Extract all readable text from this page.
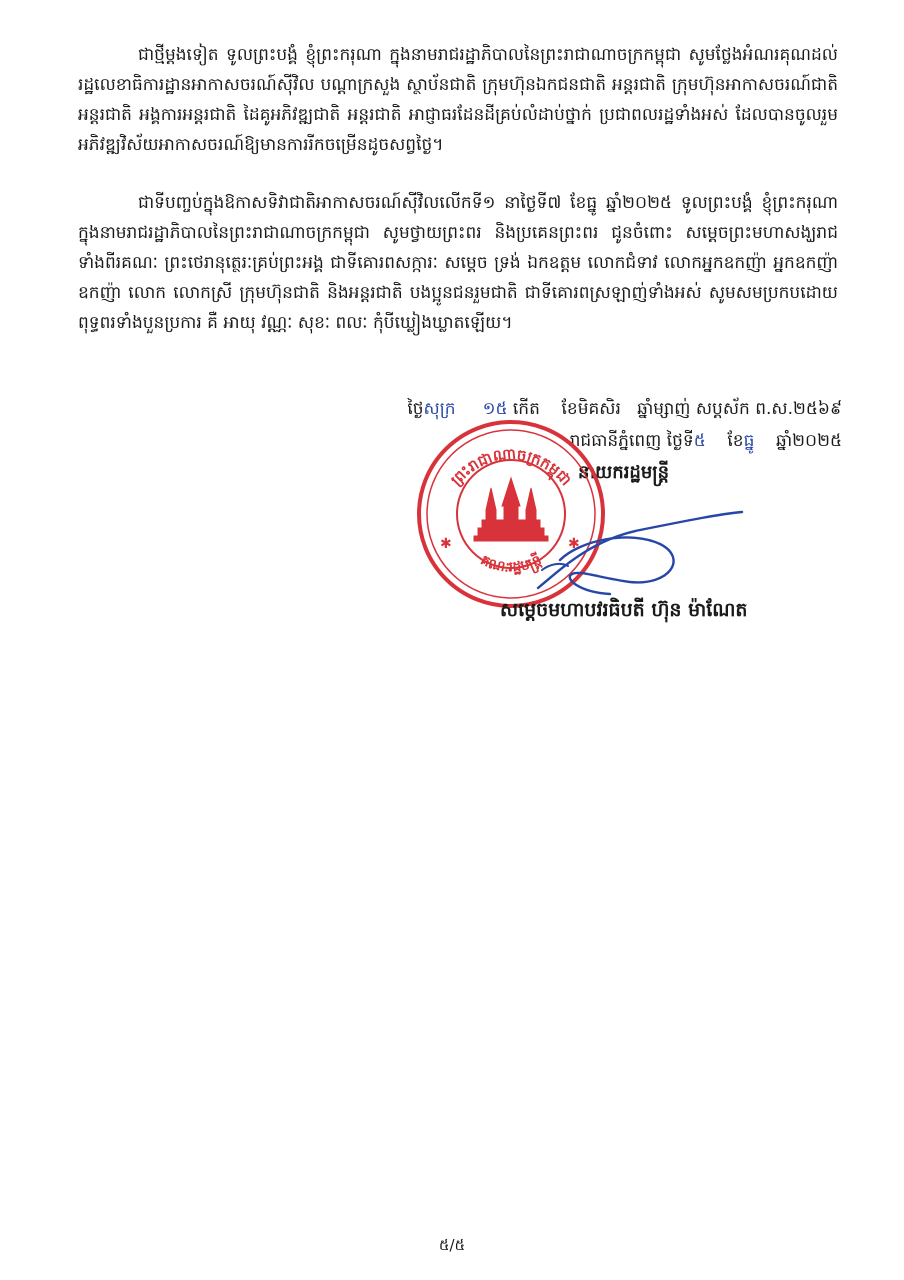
ជាថ្មីម្ដងទៀត ទូលព្រះបង្គំ ខ្ញុំព្រះករុណា ក្នុងនាមរាជរដ្ឋាភិបាលនៃព្រះរាជាណាចក្រកម្ពុជា សូមថ្លែងអំណរគុណដល់រដ្ឋលេខាធិការដ្ឋានអាកាសចរណ៍ស៊ីវិល បណ្ដាក្រសួង ស្ថាប័នជាតិ ក្រុមហ៊ុនឯកជនជាតិ អន្តរជាតិ ក្រុមហ៊ុនអាកាសចរណ៍ជាតិ អន្តរជាតិ អង្គការអន្តរជាតិ ដៃគូអភិវឌ្ឍជាតិ អន្តរជាតិ អាជ្ញាធរដែនដីគ្រប់លំដាប់ថ្នាក់ ប្រជាពលរដ្ឋទាំងអស់ ដែលបានចូលរួមអភិវឌ្ឍវិស័យអាកាសចរណ៍ឱ្យមានការរីកចម្រើនដូចសព្វថ្ងៃ។

ជាទីបញ្ចប់ក្នុងឱកាសទិវាជាតិអាកាសចរណ៍ស៊ីវិលលើកទី១ នាថ្ងៃទី៧ ខែធ្នូ ឆ្នាំ២០២៥ ទូលព្រះបង្គំ ខ្ញុំព្រះករុណា ក្នុងនាមរាជរដ្ឋាភិបាលនៃព្រះរាជាណាចក្រកម្ពុជា សូមថ្វាយព្រះពរ និងប្រគេនព្រះពរ ជូនចំពោះ សម្ដេចព្រះមហាសង្ឃរាជ ទាំងពីរគណៈ ព្រះថេរានុត្ថេរៈគ្រប់ព្រះអង្គ ជាទីគោរពសក្ការៈ សម្ដេច ទ្រង់ ឯកឧត្តម លោកជំទាវ លោកអ្នកឧកញ៉ា អ្នកឧកញ៉ា ឧកញ៉ា លោក លោកស្រី ក្រុមហ៊ុនជាតិ និងអន្តរជាតិ បងប្អូនជនរួមជាតិ ជាទីគោរពស្រឡាញ់ទាំងអស់ សូមសមប្រកបដោយពុទ្ធពរទាំងបួនប្រការ គឺ អាយុ វណ្ណៈ សុខៈ ពលៈ កុំបីឃ្លៀងឃ្លាតឡើយ។

ថ្ងៃសុក្រ ១៥ កើត ខែមិគសិរ ឆ្នាំម្សាញ់ សប្តស័ក ព.ស.២៥៦៩
រាជធានីភ្នំពេញ ថ្ងៃទី៥ ខែធ្នូ ឆ្នាំ២០២៥
នាយករដ្ឋមន្ត្រី
ព្រះរាជាណាចក្រកម្ពុជា
គណៈរដ្ឋមន្ត្រី
✱	✱
សម្ដេចមហាបវរធិបតី ហ៊ុន ម៉ាណែត
៥/៥
